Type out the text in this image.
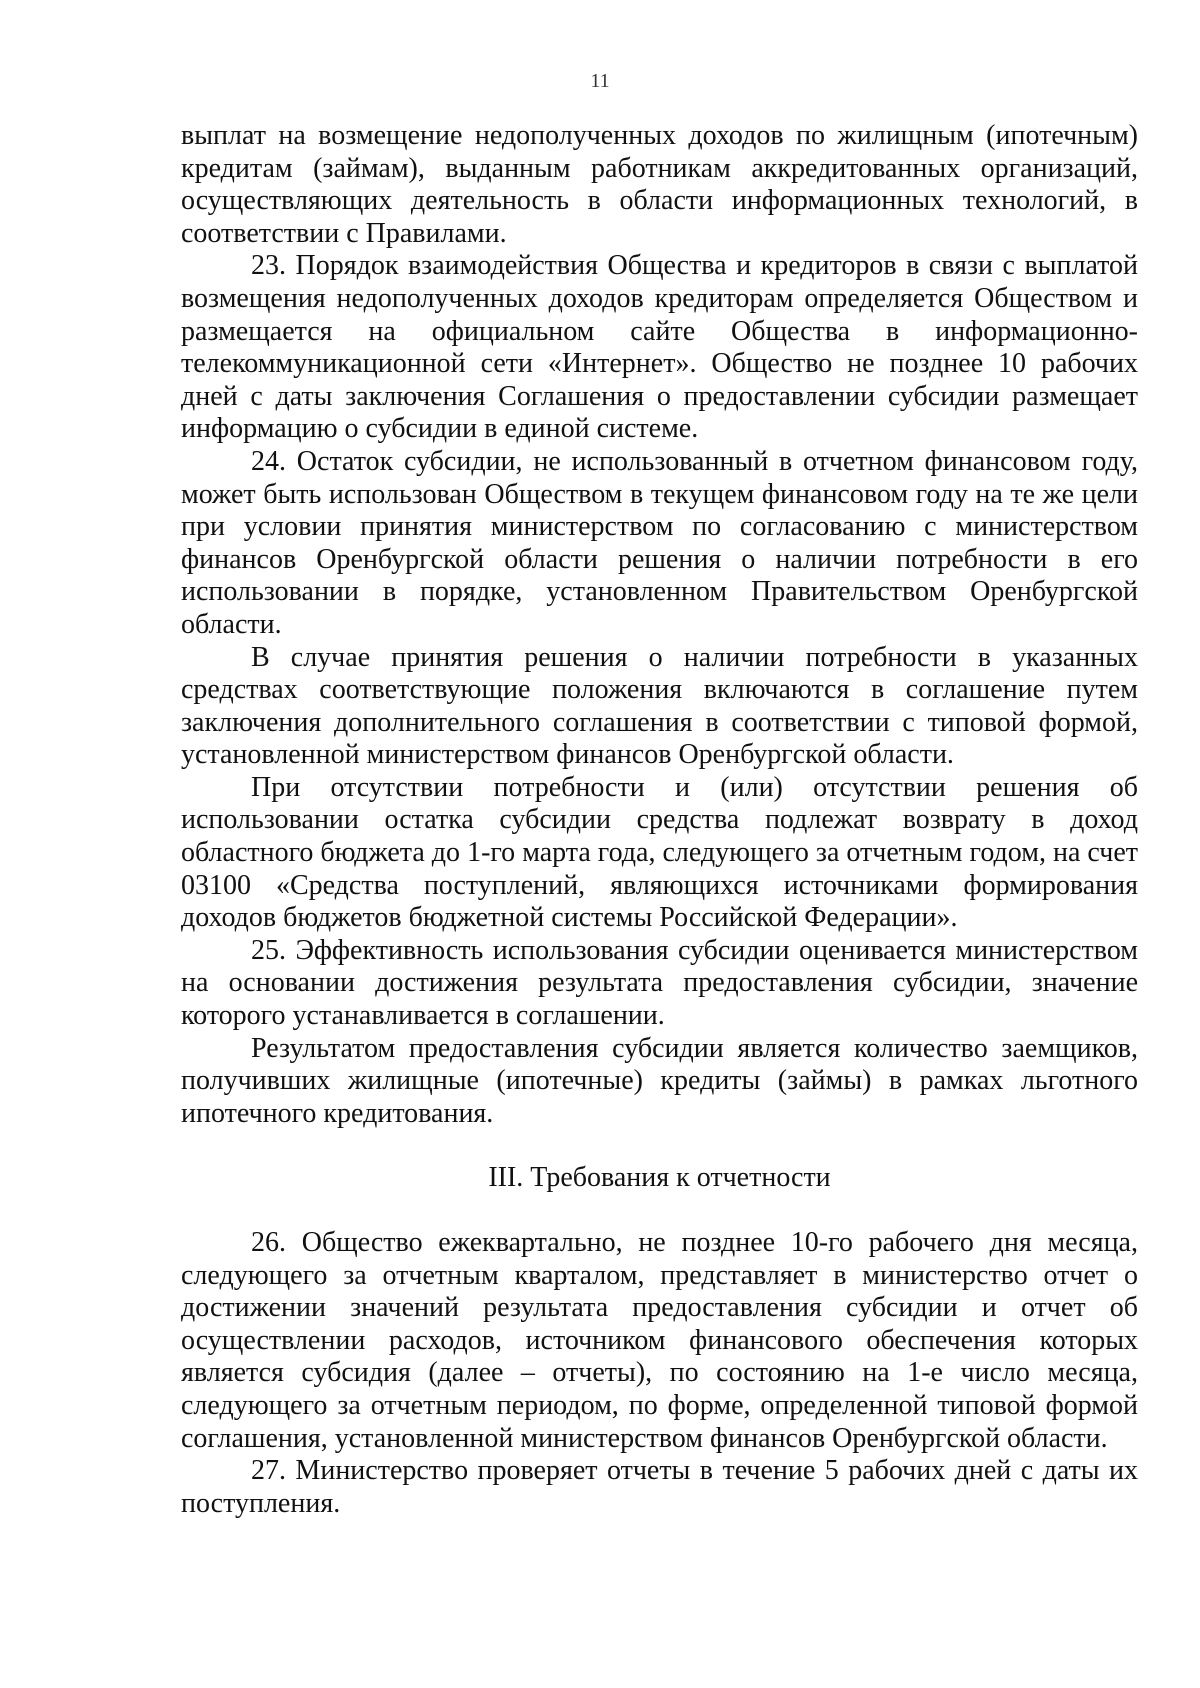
11

выплат на возмещение недополученных доходов по жилищным (ипотечным) кредитам (займам), выданным работникам аккредитованных организаций, осуществляющих деятельность в области информационных технологий, в соответствии с Правилами.

23. Порядок взаимодействия Общества и кредиторов в связи с выплатой возмещения недополученных доходов кредиторам определяется Обществом и размещается на официальном сайте Общества в информационно-телекоммуникационной сети «Интернет». Общество не позднее 10 рабочих дней с даты заключения Соглашения о предоставлении субсидии размещает информацию о субсидии в единой системе.

24. Остаток субсидии, не использованный в отчетном финансовом году, может быть использован Обществом в текущем финансовом году на те же цели при условии принятия министерством по согласованию с министерством финансов Оренбургской области решения о наличии потребности в его использовании в порядке, установленном Правительством Оренбургской области.

В случае принятия решения о наличии потребности в указанных средствах соответствующие положения включаются в соглашение путем заключения дополнительного соглашения в соответствии с типовой формой, установленной министерством финансов Оренбургской области.

При отсутствии потребности и (или) отсутствии решения об использовании остатка субсидии средства подлежат возврату в доход областного бюджета до 1-го марта года, следующего за отчетным годом, на счет 03100 «Средства поступлений, являющихся источниками формирования доходов бюджетов бюджетной системы Российской Федерации».

25. Эффективность использования субсидии оценивается министерством на основании достижения результата предоставления субсидии, значение которого устанавливается в соглашении.

Результатом предоставления субсидии является количество заемщиков, получивших жилищные (ипотечные) кредиты (займы) в рамках льготного ипотечного кредитования.

III. Требования к отчетности

26. Общество ежеквартально, не позднее 10-го рабочего дня месяца, следующего за отчетным кварталом, представляет в министерство отчет о достижении значений результата предоставления субсидии и отчет об осуществлении расходов, источником финансового обеспечения которых является субсидия (далее – отчеты), по состоянию на 1-е число месяца, следующего за отчетным периодом, по форме, определенной типовой формой соглашения, установленной министерством финансов Оренбургской области.

27. Министерство проверяет отчеты в течение 5 рабочих дней с даты их поступления.
